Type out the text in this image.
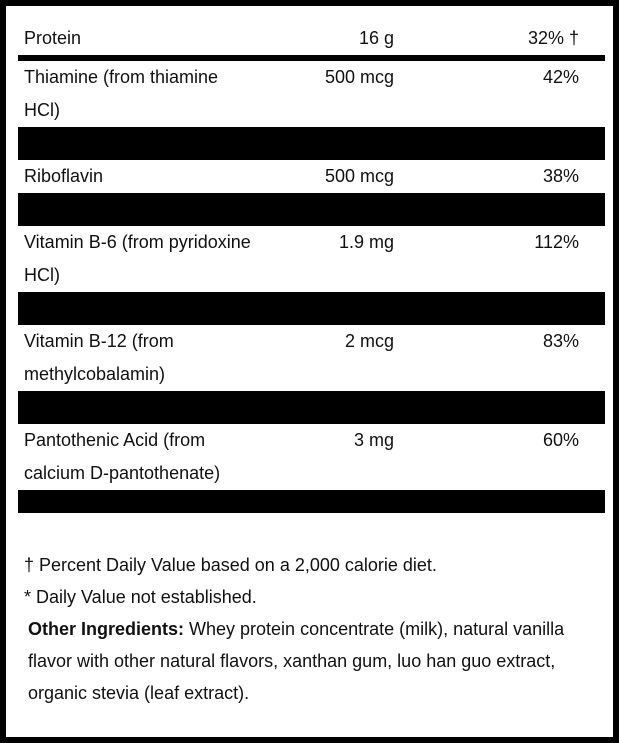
Protein	16 g	32% †

Thiamine (from thiamine HCl)	500 mcg	42%

Riboflavin	500 mcg	38%

Vitamin B-6 (from pyridoxine HCl)	1.9 mg	112%

Vitamin B-12 (from methylcobalamin)	2 mcg	83%

Pantothenic Acid (from calcium D-pantothenate)	3 mg	60%

† Percent Daily Value based on a 2,000 calorie diet.

* Daily Value not established.

Other Ingredients: Whey protein concentrate (milk), natural vanilla flavor with other natural flavors, xanthan gum, luo han guo extract, organic stevia (leaf extract).
